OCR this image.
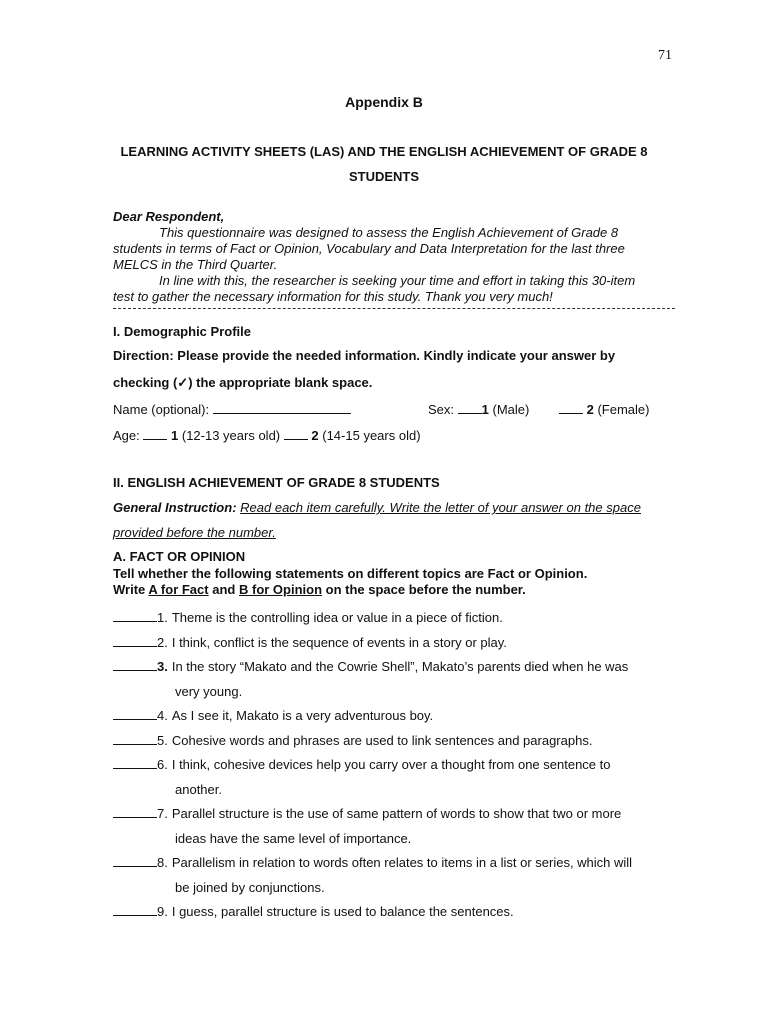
71
Appendix B
LEARNING ACTIVITY SHEETS (LAS) AND THE ENGLISH ACHIEVEMENT OF GRADE 8
STUDENTS
Dear Respondent,
This questionnaire was designed to assess the English Achievement of Grade 8
students in terms of Fact or Opinion, Vocabulary and Data Interpretation for the last three
MELCS in the Third Quarter.
In line with this, the researcher is seeking your time and effort in taking this 30-item
test to gather the necessary information for this study. Thank you very much!
I. Demographic Profile
Direction: Please provide the needed information. Kindly indicate your answer by
checking (✓) the appropriate blank space.
Name (optional):	Sex: 1 (Male)	2 (Female)
Age: 1 (12-13 years old) 2 (14-15 years old)
II. ENGLISH ACHIEVEMENT OF GRADE 8 STUDENTS
General Instruction: Read each item carefully. Write the letter of your answer on the space
provided before the number.
A. FACT OR OPINION
Tell whether the following statements on different topics are Fact or Opinion.
Write A for Fact and B for Opinion on the space before the number.
1. Theme is the controlling idea or value in a piece of fiction.
2. I think, conflict is the sequence of events in a story or play.
3. In the story “Makato and the Cowrie Shell”, Makato’s parents died when he was
very young.
4. As I see it, Makato is a very adventurous boy.
5. Cohesive words and phrases are used to link sentences and paragraphs.
6. I think, cohesive devices help you carry over a thought from one sentence to
another.
7. Parallel structure is the use of same pattern of words to show that two or more
ideas have the same level of importance.
8. Parallelism in relation to words often relates to items in a list or series, which will
be joined by conjunctions.
9. I guess, parallel structure is used to balance the sentences.
